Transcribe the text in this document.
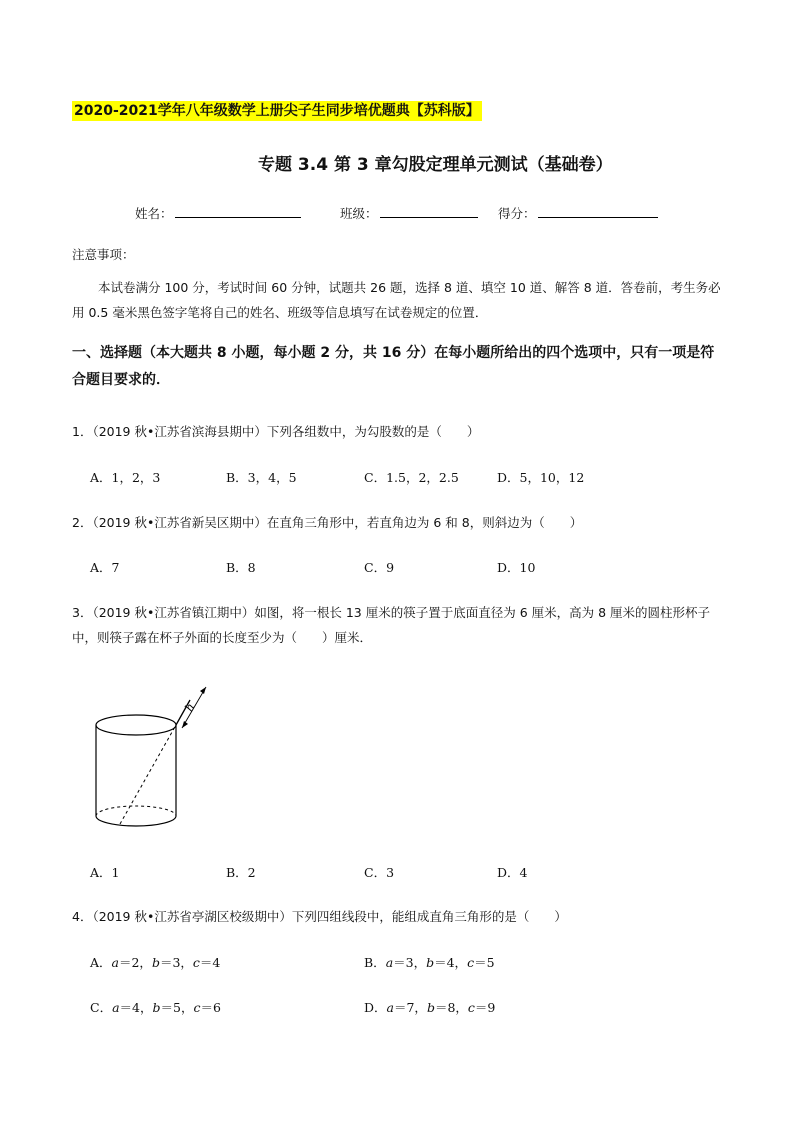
2020-2021学年八年级数学上册尖子生同步培优题典【苏科版】
专题 3.4 第 3 章勾股定理单元测试（基础卷）
姓名：	班级：	得分：
注意事项：
本试卷满分 100 分，考试时间 60 分钟，试题共 26 题，选择 8 道、填空 10 道、解答 8 道．答卷前，考生务必用 0.5 毫米黑色签字笔将自己的姓名、班级等信息填写在试卷规定的位置．
一、选择题（本大题共 8 小题，每小题 2 分，共 16 分）在每小题所给出的四个选项中，只有一项是符合题目要求的．
1．（2019 秋•江苏省滨海县期中）下列各组数中，为勾股数的是（　　）
A．1，2，3	B．3，4，5	C．1.5，2，2.5	D．5，10，12
2．（2019 秋•江苏省新吴区期中）在直角三角形中，若直角边为 6 和 8，则斜边为（　　）
A．7	B．8	C．9	D．10
3．（2019 秋•江苏省镇江期中）如图，将一根长 13 厘米的筷子置于底面直径为 6 厘米，高为 8 厘米的圆柱形杯子中，则筷子露在杯子外面的长度至少为（　　）厘米．
h
A．1	B．2	C．3	D．4
4．（2019 秋•江苏省亭湖区校级期中）下列四组线段中，能组成直角三角形的是（　　）
A．a＝2，b＝3，c＝4	B．a＝3，b＝4，c＝5
C．a＝4，b＝5，c＝6	D．a＝7，b＝8，c＝9
